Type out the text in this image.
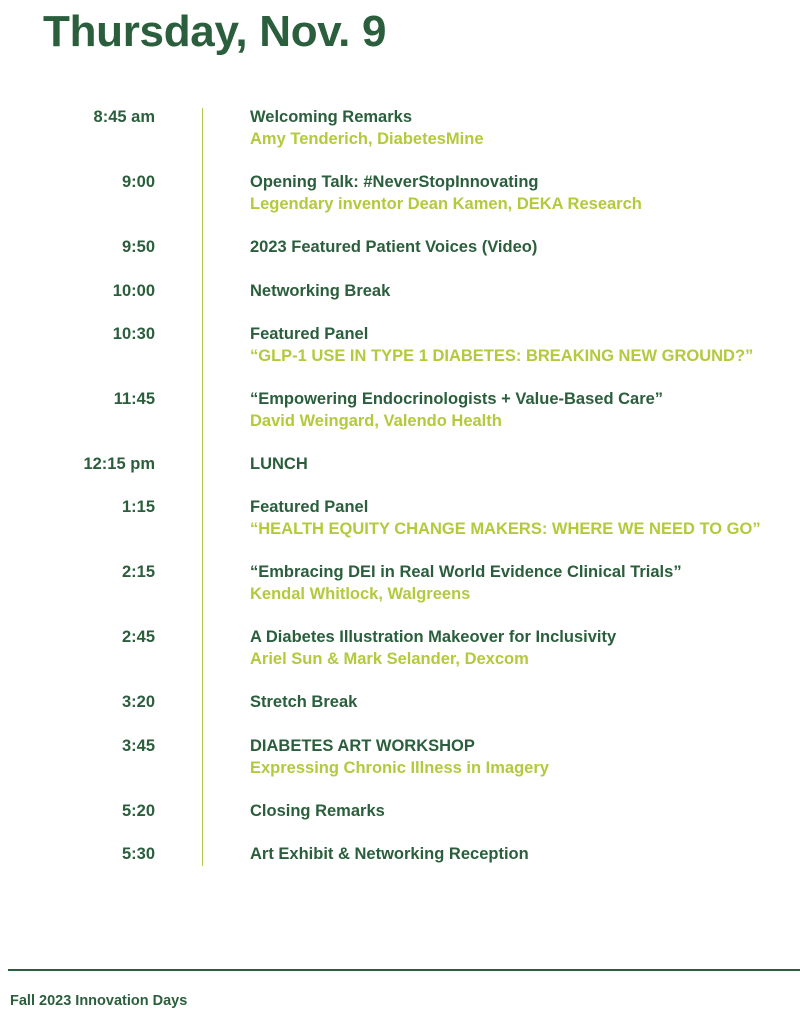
Thursday, Nov. 9
8:45 am	Welcoming Remarks
Amy Tenderich, DiabetesMine
9:00	Opening Talk: #NeverStopInnovating
Legendary inventor Dean Kamen, DEKA Research
9:50	2023 Featured Patient Voices (Video)
10:00	Networking Break
10:30	Featured Panel
“GLP-1 USE IN TYPE 1 DIABETES: BREAKING NEW GROUND?”
11:45	“Empowering Endocrinologists + Value-Based Care”
David Weingard, Valendo Health
12:15 pm	LUNCH
1:15	Featured Panel
“HEALTH EQUITY CHANGE MAKERS: WHERE WE NEED TO GO”
2:15	“Embracing DEI in Real World Evidence Clinical Trials”
Kendal Whitlock, Walgreens
2:45	A Diabetes Illustration Makeover for Inclusivity
Ariel Sun & Mark Selander, Dexcom
3:20	Stretch Break
3:45	DIABETES ART WORKSHOP
Expressing Chronic Illness in Imagery
5:20	Closing Remarks
5:30	Art Exhibit & Networking Reception
Fall 2023 Innovation Days
